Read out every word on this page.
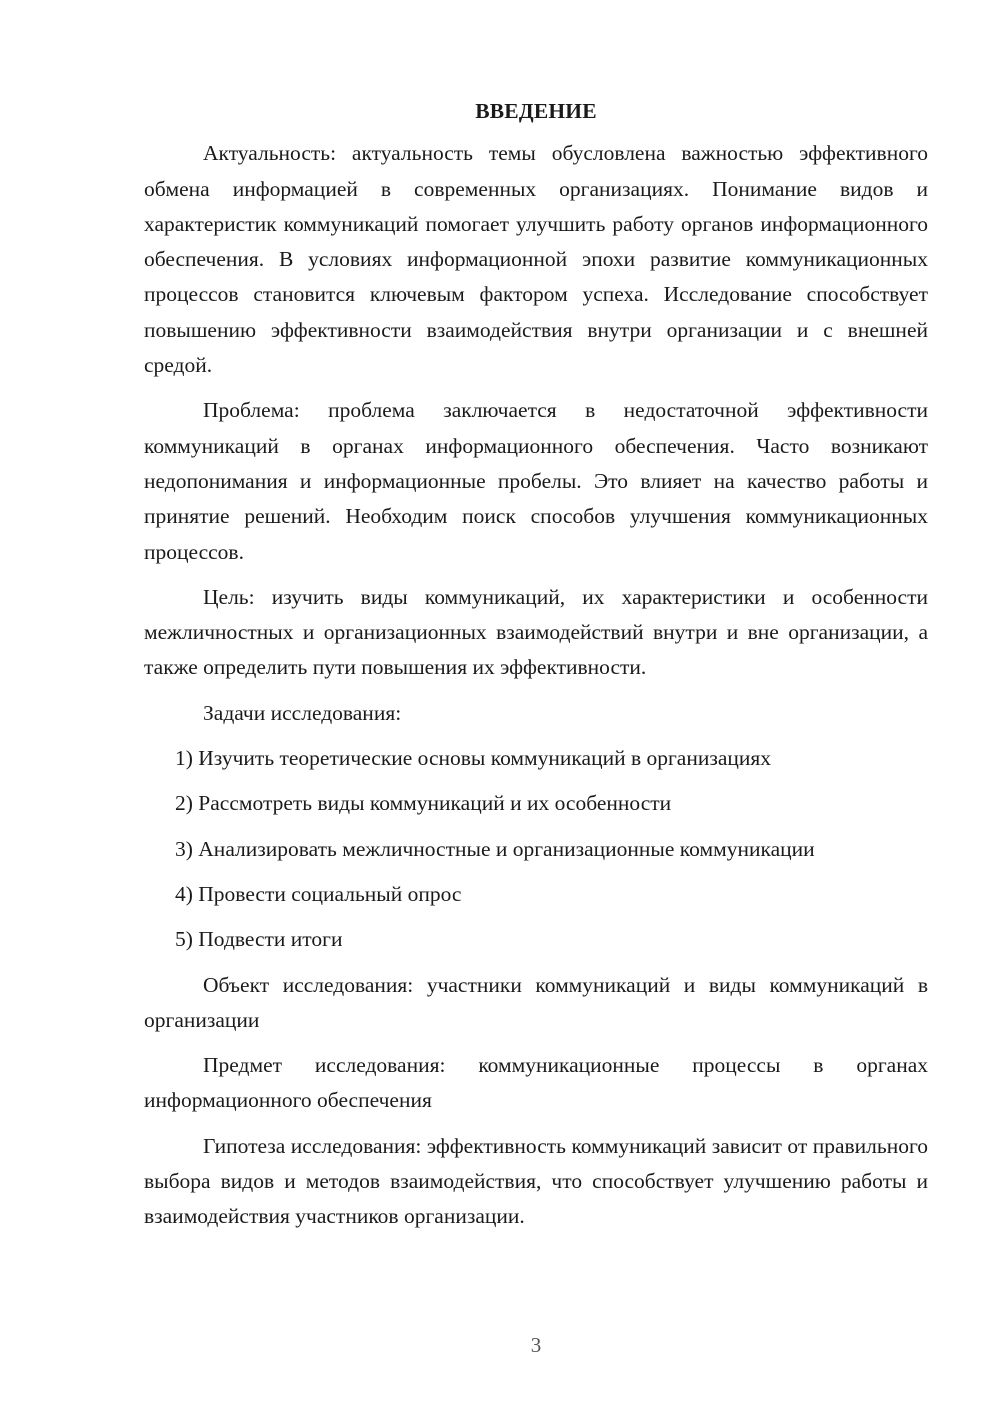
ВВЕДЕНИЕ

Актуальность: актуальность темы обусловлена важностью эффективного обмена информацией в современных организациях. Понимание видов и характеристик коммуникаций помогает улучшить работу органов информационного обеспечения. В условиях информационной эпохи развитие коммуникационных процессов становится ключевым фактором успеха. Исследование способствует повышению эффективности взаимодействия внутри организации и с внешней средой.

Проблема: проблема заключается в недостаточной эффективности коммуникаций в органах информационного обеспечения. Часто возникают недопонимания и информационные пробелы. Это влияет на качество работы и принятие решений. Необходим поиск способов улучшения коммуникационных процессов.

Цель: изучить виды коммуникаций, их характеристики и особенности межличностных и организационных взаимодействий внутри и вне организации, а также определить пути повышения их эффективности.

Задачи исследования:

1) Изучить теоретические основы коммуникаций в организациях
2) Рассмотреть виды коммуникаций и их особенности
3) Анализировать межличностные и организационные коммуникации
4) Провести социальный опрос
5) Подвести итоги

Объект исследования: участники коммуникаций и виды коммуникаций в организации

Предмет исследования: коммуникационные процессы в органах информационного обеспечения

Гипотеза исследования: эффективность коммуникаций зависит от правильного выбора видов и методов взаимодействия, что способствует улучшению работы и взаимодействия участников организации.

3
